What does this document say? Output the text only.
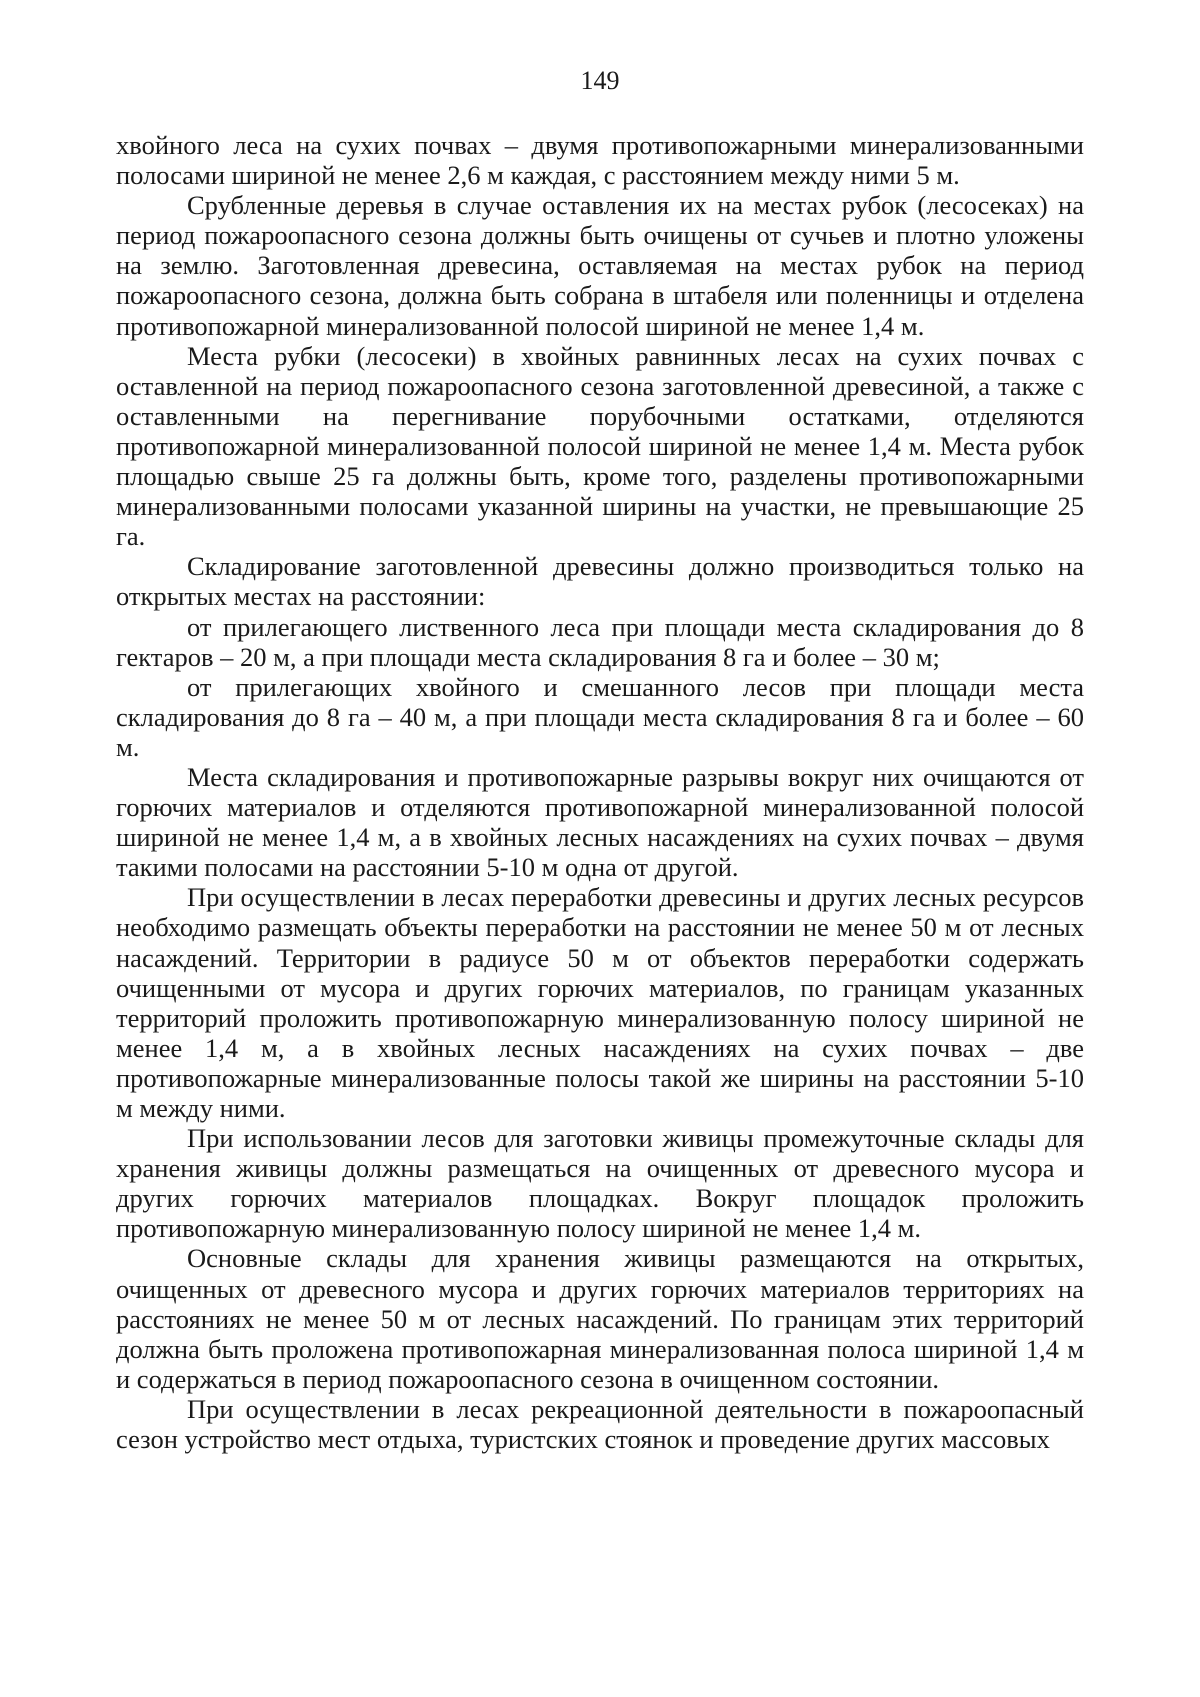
149

хвойного леса на сухих почвах – двумя противопожарными минерализованными полосами шириной не менее 2,6 м каждая, с расстоянием между ними 5 м.

Срубленные деревья в случае оставления их на местах рубок (лесосеках) на период пожароопасного сезона должны быть очищены от сучьев и плотно уложены на землю. Заготовленная древесина, оставляемая на местах рубок на период пожароопасного сезона, должна быть собрана в штабеля или поленницы и отделена противопожарной минерализованной полосой шириной не менее 1,4 м.

Места рубки (лесосеки) в хвойных равнинных лесах на сухих почвах с оставленной на период пожароопасного сезона заготовленной древесиной, а также с оставленными на перегнивание порубочными остатками, отделяются противопожарной минерализованной полосой шириной не менее 1,4 м. Места рубок площадью свыше 25 га должны быть, кроме того, разделены противопожарными минерализованными полосами указанной ширины на участки, не превышающие 25 га.

Складирование заготовленной древесины должно производиться только на открытых местах на расстоянии:

от прилегающего лиственного леса при площади места складирования до 8 гектаров – 20 м, а при площади места складирования 8 га и более – 30 м;

от прилегающих хвойного и смешанного лесов при площади места складирования до 8 га – 40 м, а при площади места складирования 8 га и более – 60 м.

Места складирования и противопожарные разрывы вокруг них очищаются от горючих материалов и отделяются противопожарной минерализованной полосой шириной не менее 1,4 м, а в хвойных лесных насаждениях на сухих почвах – двумя такими полосами на расстоянии 5-10 м одна от другой.

При осуществлении в лесах переработки древесины и других лесных ресурсов необходимо размещать объекты переработки на расстоянии не менее 50 м от лесных насаждений. Территории в радиусе 50 м от объектов переработки содержать очищенными от мусора и других горючих материалов, по границам указанных территорий проложить противопожарную минерализованную полосу шириной не менее 1,4 м, а в хвойных лесных насаждениях на сухих почвах – две противопожарные минерализованные полосы такой же ширины на расстоянии 5-10 м между ними.

При использовании лесов для заготовки живицы промежуточные склады для хранения живицы должны размещаться на очищенных от древесного мусора и других горючих материалов площадках. Вокруг площадок проложить противопожарную минерализованную полосу шириной не менее 1,4 м.

Основные склады для хранения живицы размещаются на открытых, очищенных от древесного мусора и других горючих материалов территориях на расстояниях не менее 50 м от лесных насаждений. По границам этих территорий должна быть проложена противопожарная минерализованная полоса шириной 1,4 м и содержаться в период пожароопасного сезона в очищенном состоянии.

При осуществлении в лесах рекреационной деятельности в пожароопасный сезон устройство мест отдыха, туристских стоянок и проведение других массовых
